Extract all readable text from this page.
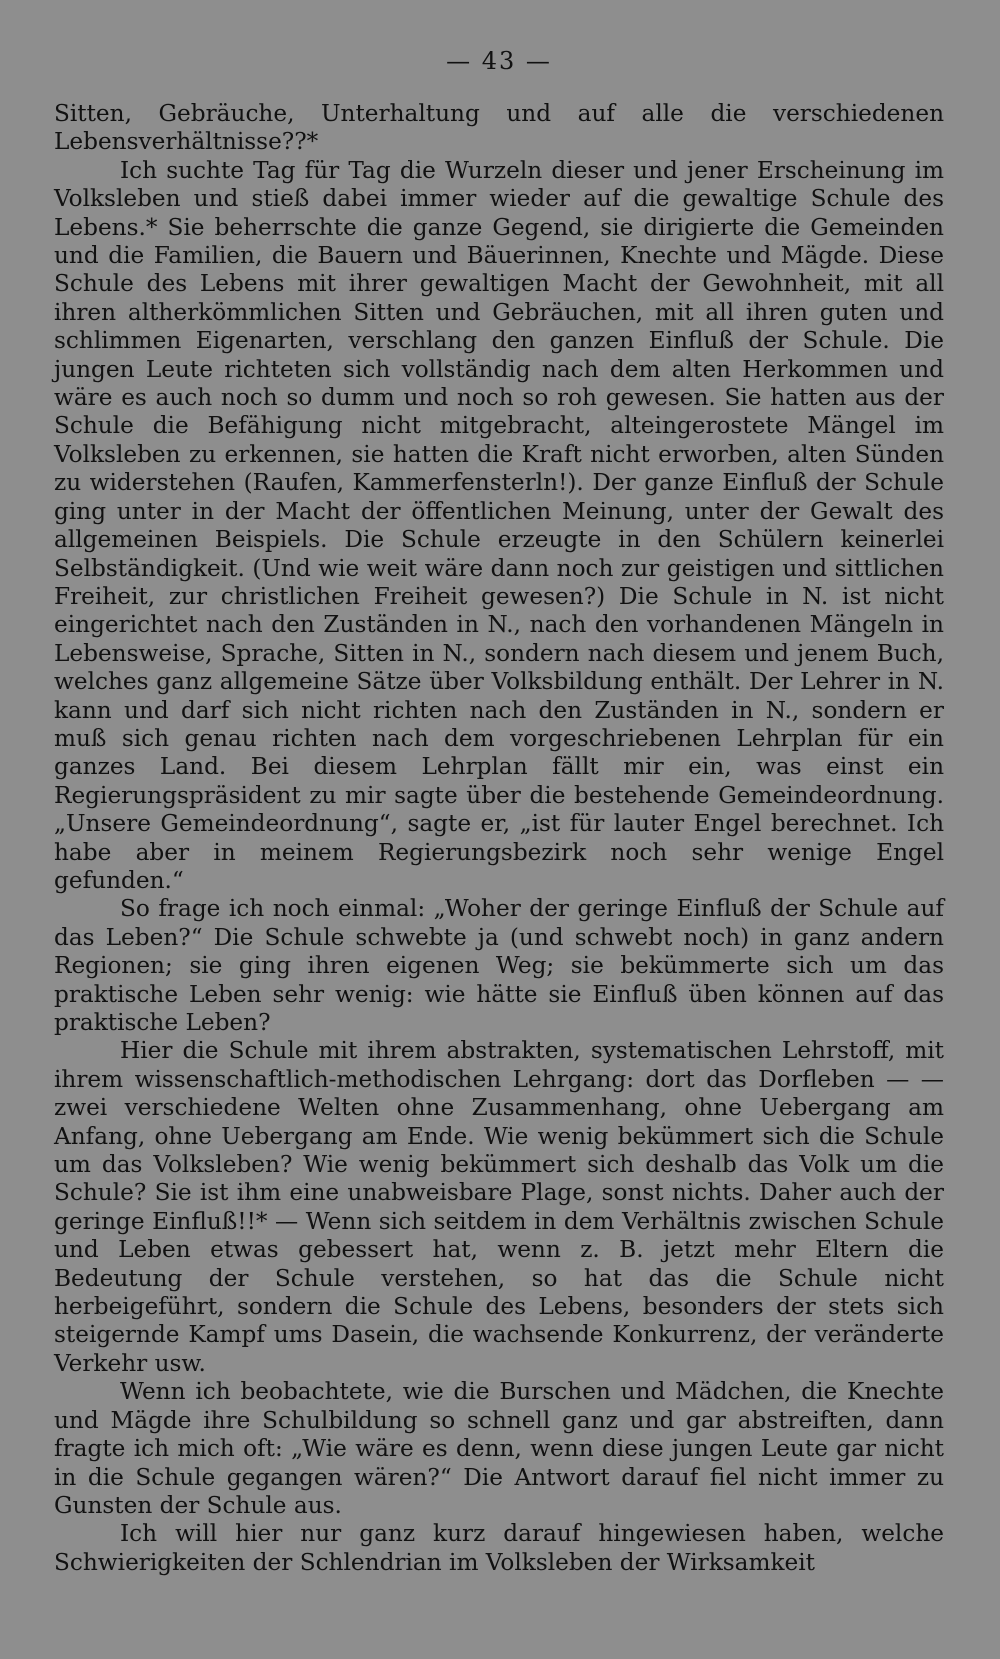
— 43 —

Sitten, Gebräuche, Unterhaltung und auf alle die verschiedenen Lebensverhältnisse??*

Ich suchte Tag für Tag die Wurzeln dieser und jener Erscheinung im Volksleben und stieß dabei immer wieder auf die gewaltige Schule des Lebens.* Sie beherrschte die ganze Gegend, sie dirigierte die Gemeinden und die Familien, die Bauern und Bäuerinnen, Knechte und Mägde. Diese Schule des Lebens mit ihrer gewaltigen Macht der Gewohnheit, mit all ihren altherkömmlichen Sitten und Gebräuchen, mit all ihren guten und schlimmen Eigenarten, verschlang den ganzen Einfluß der Schule. Die jungen Leute richteten sich vollständig nach dem alten Herkommen und wäre es auch noch so dumm und noch so roh gewesen. Sie hatten aus der Schule die Befähigung nicht mitgebracht, alteingerostete Mängel im Volksleben zu erkennen, sie hatten die Kraft nicht erworben, alten Sünden zu widerstehen (Raufen, Kammerfensterln!). Der ganze Einfluß der Schule ging unter in der Macht der öffentlichen Meinung, unter der Gewalt des allgemeinen Beispiels. Die Schule erzeugte in den Schülern keinerlei Selbständigkeit. (Und wie weit wäre dann noch zur geistigen und sittlichen Freiheit, zur christlichen Freiheit gewesen?) Die Schule in N. ist nicht eingerichtet nach den Zuständen in N., nach den vorhandenen Mängeln in Lebensweise, Sprache, Sitten in N., sondern nach diesem und jenem Buch, welches ganz allgemeine Sätze über Volksbildung enthält. Der Lehrer in N. kann und darf sich nicht richten nach den Zuständen in N., sondern er muß sich genau richten nach dem vorgeschriebenen Lehrplan für ein ganzes Land. Bei diesem Lehrplan fällt mir ein, was einst ein Regierungspräsident zu mir sagte über die bestehende Gemeindeordnung. „Unsere Gemeindeordnung“, sagte er, „ist für lauter Engel berechnet. Ich habe aber in meinem Regierungsbezirk noch sehr wenige Engel gefunden.“

So frage ich noch einmal: „Woher der geringe Einfluß der Schule auf das Leben?“ Die Schule schwebte ja (und schwebt noch) in ganz andern Regionen; sie ging ihren eigenen Weg; sie bekümmerte sich um das praktische Leben sehr wenig: wie hätte sie Einfluß üben können auf das praktische Leben?

Hier die Schule mit ihrem abstrakten, systematischen Lehrstoff, mit ihrem wissenschaftlich-methodischen Lehrgang: dort das Dorfleben — — zwei verschiedene Welten ohne Zusammenhang, ohne Uebergang am Anfang, ohne Uebergang am Ende. Wie wenig bekümmert sich die Schule um das Volksleben? Wie wenig bekümmert sich deshalb das Volk um die Schule? Sie ist ihm eine unabweisbare Plage, sonst nichts. Daher auch der geringe Einfluß!!* — Wenn sich seitdem in dem Verhältnis zwischen Schule und Leben etwas gebessert hat, wenn z. B. jetzt mehr Eltern die Bedeutung der Schule verstehen, so hat das die Schule nicht herbeigeführt, sondern die Schule des Lebens, besonders der stets sich steigernde Kampf ums Dasein, die wachsende Konkurrenz, der veränderte Verkehr usw.

Wenn ich beobachtete, wie die Burschen und Mädchen, die Knechte und Mägde ihre Schulbildung so schnell ganz und gar abstreiften, dann fragte ich mich oft: „Wie wäre es denn, wenn diese jungen Leute gar nicht in die Schule gegangen wären?“ Die Antwort darauf fiel nicht immer zu Gunsten der Schule aus.

Ich will hier nur ganz kurz darauf hingewiesen haben, welche Schwierigkeiten der Schlendrian im Volksleben der Wirksamkeit
